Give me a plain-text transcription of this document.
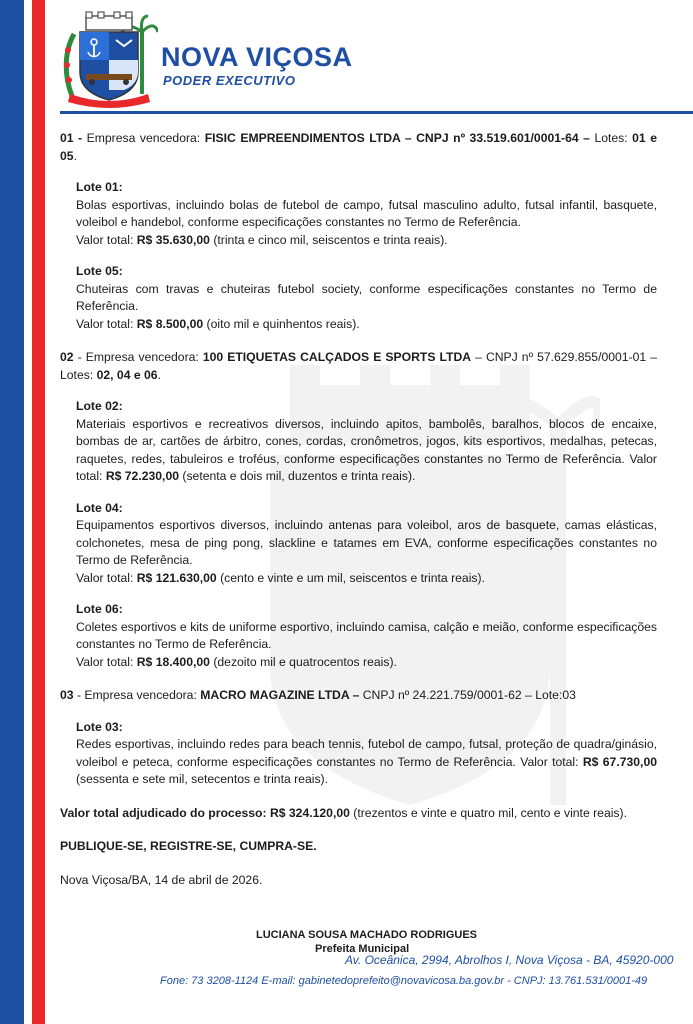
NOVA VIÇOSA
PODER EXECUTIVO

01 - Empresa vencedora: FISIC EMPREENDIMENTOS LTDA – CNPJ nº 33.519.601/0001-64 – Lotes: 01 e 05.

Lote 01:

Bolas esportivas, incluindo bolas de futebol de campo, futsal masculino adulto, futsal infantil, basquete, voleibol e handebol, conforme especificações constantes no Termo de Referência.

Valor total: R$ 35.630,00 (trinta e cinco mil, seiscentos e trinta reais).

Lote 05:

Chuteiras com travas e chuteiras futebol society, conforme especificações constantes no Termo de Referência.

Valor total: R$ 8.500,00 (oito mil e quinhentos reais).

02 - Empresa vencedora: 100 ETIQUETAS CALÇADOS E SPORTS LTDA – CNPJ nº 57.629.855/0001-01 – Lotes: 02, 04 e 06.

Lote 02:

Materiais esportivos e recreativos diversos, incluindo apitos, bambolês, baralhos, blocos de encaixe, bombas de ar, cartões de árbitro, cones, cordas, cronômetros, jogos, kits esportivos, medalhas, petecas, raquetes, redes, tabuleiros e troféus, conforme especificações constantes no Termo de Referência. Valor total: R$ 72.230,00 (setenta e dois mil, duzentos e trinta reais).

Lote 04:

Equipamentos esportivos diversos, incluindo antenas para voleibol, aros de basquete, camas elásticas, colchonetes, mesa de ping pong, slackline e tatames em EVA, conforme especificações constantes no Termo de Referência.

Valor total: R$ 121.630,00 (cento e vinte e um mil, seiscentos e trinta reais).

Lote 06:

Coletes esportivos e kits de uniforme esportivo, incluindo camisa, calção e meião, conforme especificações constantes no Termo de Referência.

Valor total: R$ 18.400,00 (dezoito mil e quatrocentos reais).

03 - Empresa vencedora: MACRO MAGAZINE LTDA – CNPJ nº 24.221.759/0001-62 – Lote:03

Lote 03:

Redes esportivas, incluindo redes para beach tennis, futebol de campo, futsal, proteção de quadra/ginásio, voleibol e peteca, conforme especificações constantes no Termo de Referência. Valor total: R$ 67.730,00 (sessenta e sete mil, setecentos e trinta reais).

Valor total adjudicado do processo: R$ 324.120,00 (trezentos e vinte e quatro mil, cento e vinte reais).

PUBLIQUE-SE, REGISTRE-SE, CUMPRA-SE.

Nova Viçosa/BA, 14 de abril de 2026.

LUCIANA SOUSA MACHADO RODRIGUES
Prefeita Municipal
Av. Oceânica, 2994, Abrolhos I, Nova Viçosa - BA, 45920-000
Fone: 73 3208-1124 E-mail: gabinetedoprefeito@novavicosa.ba.gov.br - CNPJ: 13.761.531/0001-49
